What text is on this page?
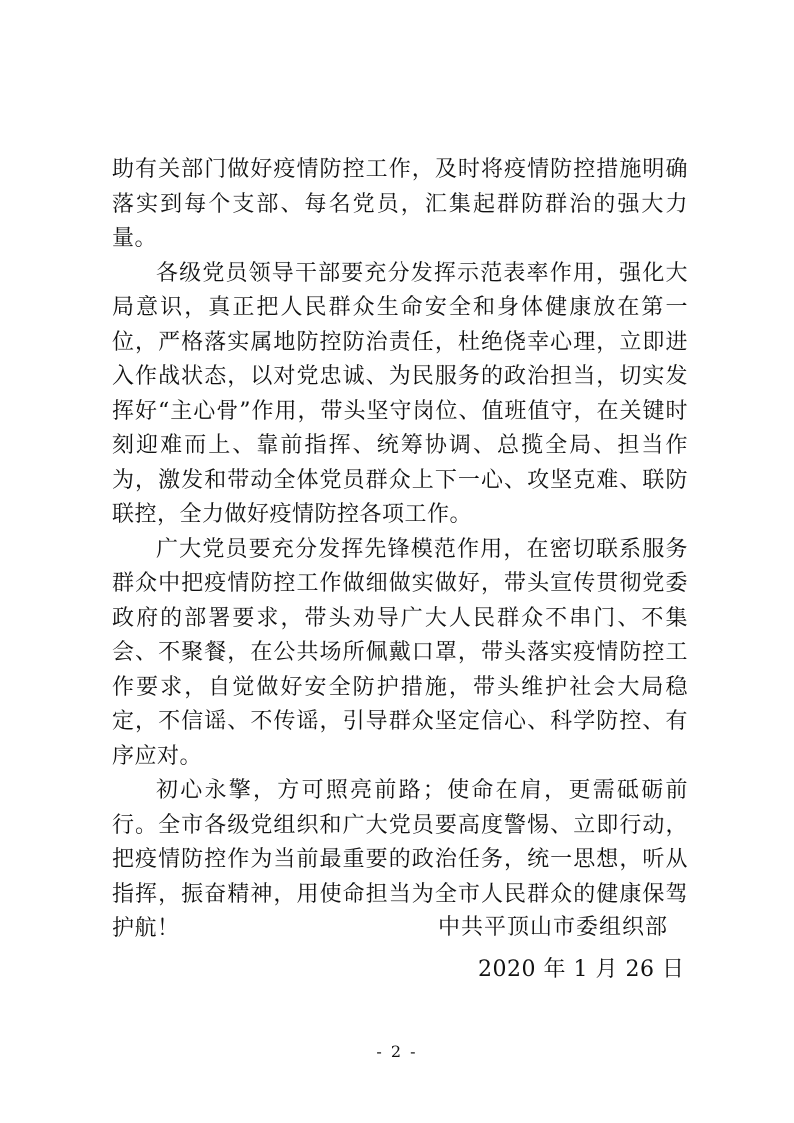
助有关部门做好疫情防控工作，及时将疫情防控措施明确落实到每个支部、每名党员，汇集起群防群治的强大力量。

各级党员领导干部要充分发挥示范表率作用，强化大局意识，真正把人民群众生命安全和身体健康放在第一位，严格落实属地防控防治责任，杜绝侥幸心理，立即进入作战状态，以对党忠诚、为民服务的政治担当，切实发挥好“主心骨”作用，带头坚守岗位、值班值守，在关键时刻迎难而上、靠前指挥、统筹协调、总揽全局、担当作为，激发和带动全体党员群众上下一心、攻坚克难、联防联控，全力做好疫情防控各项工作。

广大党员要充分发挥先锋模范作用，在密切联系服务群众中把疫情防控工作做细做实做好，带头宣传贯彻党委政府的部署要求，带头劝导广大人民群众不串门、不集会、不聚餐，在公共场所佩戴口罩，带头落实疫情防控工作要求，自觉做好安全防护措施，带头维护社会大局稳定，不信谣、不传谣，引导群众坚定信心、科学防控、有序应对。

初心永擎，方可照亮前路；使命在肩，更需砥砺前行。全市各级党组织和广大党员要高度警惕、立即行动，把疫情防控作为当前最重要的政治任务，统一思想，听从指挥，振奋精神，用使命担当为全市人民群众的健康保驾护航！	中共平顶山市委组织部
2020 年 1 月 26 日
- 2 -
